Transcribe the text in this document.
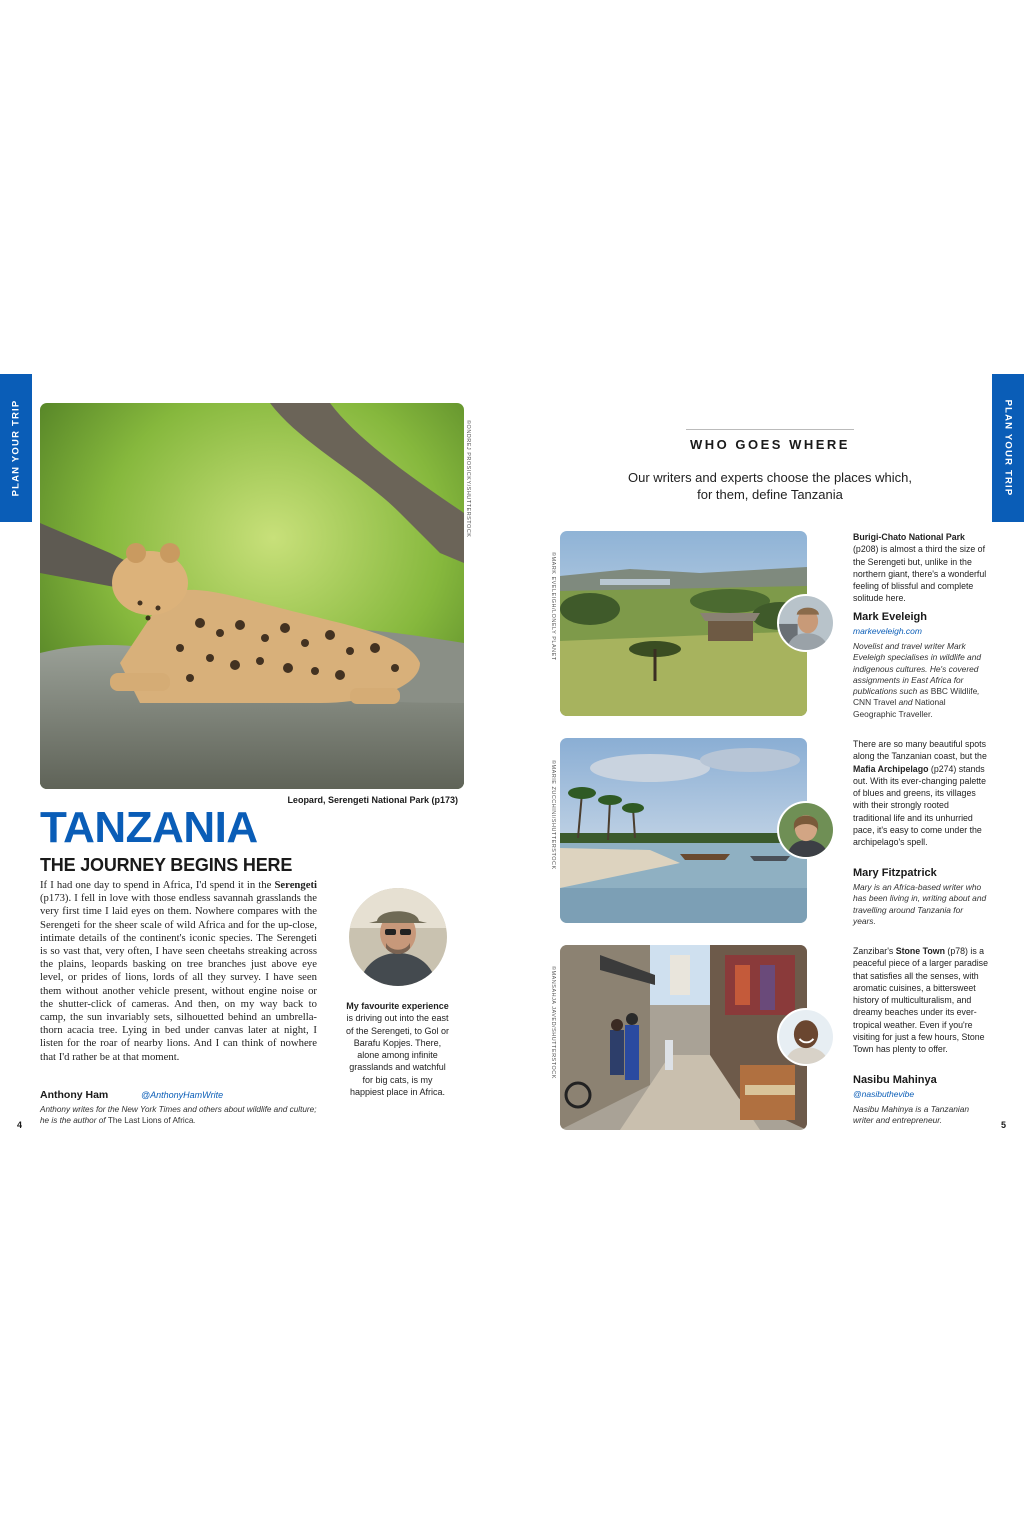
PLAN YOUR TRIP	PLAN YOUR TRIP
©ONDREJ PROSICKY/SHUTTERSTOCK
Leopard, Serengeti National Park (p173)
TANZANIA
THE JOURNEY BEGINS HERE
If I had one day to spend in Africa, I'd spend it in the Serengeti (p173). I fell in love with those endless savannah grasslands the very first time I laid eyes on them. Nowhere compares with the Serengeti for the sheer scale of wild Africa and for the up-close, intimate details of the continent's iconic species. The Serengeti is so vast that, very often, I have seen cheetahs streaking across the plains, leopards basking on tree branches just above eye level, or prides of lions, lords of all they survey. I have seen them without another vehicle present, without engine noise or the shutter-click of cameras. And then, on my way back to camp, the sun invariably sets, silhouetted behind an umbrella-thorn acacia tree. Lying in bed under canvas later at night, I listen for the roar of nearby lions. And I can think of nowhere that I'd rather be at that moment.
Anthony Ham	@AnthonyHamWrite
Anthony writes for the New York Times and others about wildlife and culture; he is the author of The Last Lions of Africa.
My favourite experience is driving out into the east of the Serengeti, to Gol or Barafu Kopjes. There, alone among infinite grasslands and watchful for big cats, is my happiest place in Africa.
4	5
WHO GOES WHERE
Our writers and experts choose the places which,
for them, define Tanzania
©MARK EVELEIGH/LONELY PLANET
Burigi-Chato National Park (p208) is almost a third the size of the Serengeti but, unlike in the northern giant, there's a wonderful feeling of blissful and complete solitude here.
Mark Eveleigh
markeveleigh.com
Novelist and travel writer Mark Eveleigh specialises in wildlife and indigenous cultures. He's covered assignments in East Africa for publications such as BBC Wildlife, CNN Travel and National Geographic Traveller.
©MARIE ZUCCHINI/SHUTTERSTOCK
There are so many beautiful spots along the Tanzanian coast, but the Mafia Archipelago (p274) stands out. With its ever-changing palette of blues and greens, its villages with their strongly rooted traditional life and its unhurried pace, it's easy to come under the archipelago's spell.
Mary Fitzpatrick
Mary is an Africa-based writer who has been living in, writing about and travelling around Tanzania for years.
©MANSAHJA JAVED/SHUTTERSTOCK
Zanzibar's Stone Town (p78) is a peaceful piece of a larger paradise that satisfies all the senses, with aromatic cuisines, a bittersweet history of multiculturalism, and dreamy beaches under its ever-tropical weather. Even if you're visiting for just a few hours, Stone Town has plenty to offer.
Nasibu Mahinya
@nasibuthevibe
Nasibu Mahinya is a Tanzanian writer and entrepreneur.
